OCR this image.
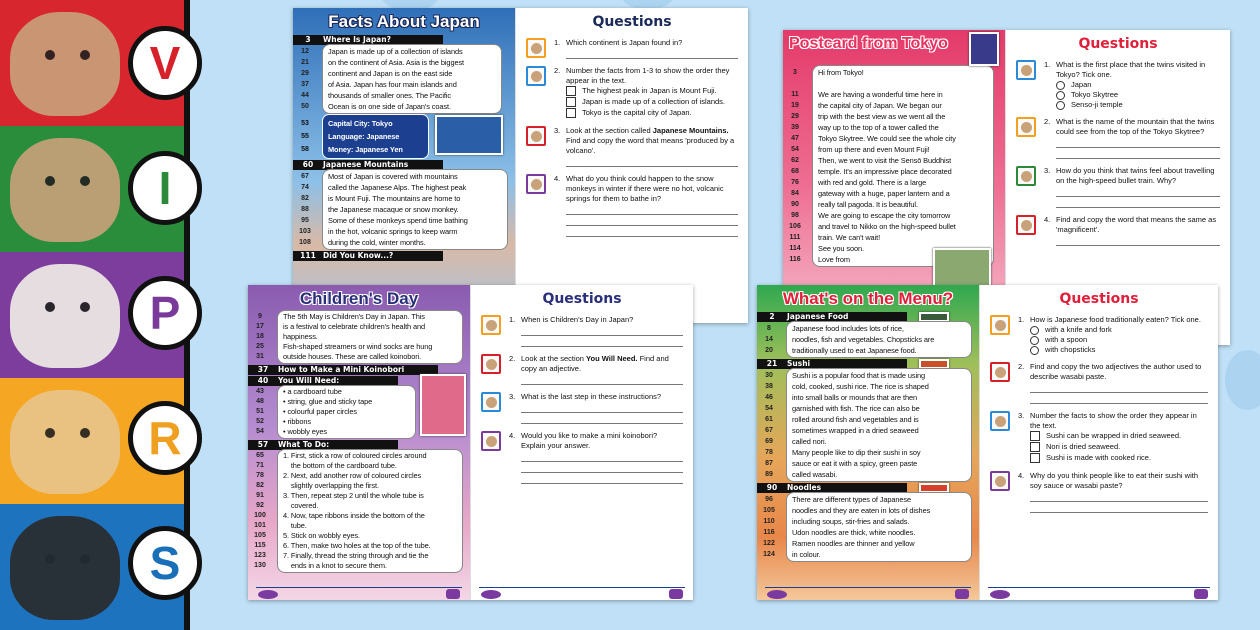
V
I
P
R
S
Facts About Japan
3	Where Is Japan?
12	Japan is made up of a collection of islands
21	on the continent of Asia. Asia is the biggest
29	continent and Japan is on the east side
37	of Asia. Japan has four main islands and
44	thousands of smaller ones. The Pacific
50	Ocean is on one side of Japan's coast.
53	Capital City: Tokyo
55	Language: Japanese
58	Money: Japanese Yen
60	Japanese Mountains
67	Most of Japan is covered with mountains
74	called the Japanese Alps. The highest peak
82	is Mount Fuji. The mountains are home to
88	the Japanese macaque or snow monkey.
95	Some of these monkeys spend time bathing
103	in the hot, volcanic springs to keep warm
108	during the cold, winter months.
111 Did You Know...?
Questions
1. Which continent is Japan found in?
2. Number the facts from 1-3 to show the order they appear in the text.
The highest peak in Japan is Mount Fuji.
Japan is made up of a collection of islands.
Tokyo is the capital city of Japan.
3. Look at the section called Japanese Mountains. Find and copy the word that means 'produced by a volcano'.
4. What do you think could happen to the snow monkeys in winter if there were no hot, volcanic springs for them to bathe in?
Postcard from Tokyo
3	Hi from Tokyo!
11	We are having a wonderful time here in
19	the capital city of Japan. We began our
29	trip with the best view as we went all the
39	way up to the top of a tower called the
47	Tokyo Skytree. We could see the whole city
54	from up there and even Mount Fuji!
62	Then, we went to visit the Sensō Buddhist
68	temple. It's an impressive place decorated
76	with red and gold. There is a large
84	gateway with a huge, paper lantern and a
90	really tall pagoda. It is beautiful.
98	We are going to escape the city tomorrow
106	and travel to Nikko on the high-speed bullet
111	train. We can't wait!
114	See you soon.
116	Love from
Questions
1. What is the first place that the twins visited in Tokyo? Tick one.
Japan
Tokyo Skytree
Senso-ji temple
2. What is the name of the mountain that the twins could see from the top of the Tokyo Skytree?
3. How do you think that twins feel about travelling on the high-speed bullet train. Why?
4. Find and copy the word that means the same as 'magnificent'.
Children's Day
9	The 5th May is Children's Day in Japan. This
17	is a festival to celebrate children's health and
18	happiness.
25	Fish-shaped streamers or wind socks are hung
31	outside houses. These are called koinobori.
37	How to Make a Mini Koinobori
40	You Will Need:
43	• a cardboard tube
48	• string, glue and sticky tape
51	• colourful paper circles
52	• ribbons
54	• wobbly eyes
57	What To Do:
65	1. First, stick a row of coloured circles around
71	the bottom of the cardboard tube.
78	2. Next, add another row of coloured circles
82	slightly overlapping the first.
91	3. Then, repeat step 2 until the whole tube is
92	covered.
100	4. Now, tape ribbons inside the bottom of the
101	tube.
105	5. Stick on wobbly eyes.
115	6. Then, make two holes at the top of the tube.
123	7. Finally, thread the string through and tie the
130	ends in a knot to secure them.
Questions
1. When is Children's Day in Japan?
2. Look at the section You Will Need. Find and copy an adjective.
3. What is the last step in these instructions?
4. Would you like to make a mini koinobori? Explain your answer.
What's on the Menu?
2	Japanese Food
8	Japanese food includes lots of rice,
14	noodles, fish and vegetables. Chopsticks are
20	traditionally used to eat Japanese food.
21	Sushi
30	Sushi is a popular food that is made using
38	cold, cooked, sushi rice. The rice is shaped
46	into small balls or mounds that are then
54	garnished with fish. The rice can also be
61	rolled around fish and vegetables and is
67	sometimes wrapped in a dried seaweed
69	called nori.
78	Many people like to dip their sushi in soy
87	sauce or eat it with a spicy, green paste
89	called wasabi.
90	Noodles
96	There are different types of Japanese
105	noodles and they are eaten in lots of dishes
110	including soups, stir-fries and salads.
116	Udon noodles are thick, white noodles.
122	Ramen noodles are thinner and yellow
124	in colour.
Questions
1. How is Japanese food traditionally eaten? Tick one.
with a knife and fork
with a spoon
with chopsticks
2. Find and copy the two adjectives the author used to describe wasabi paste.
3. Number the facts to show the order they appear in the text.
Sushi can be wrapped in dried seaweed.
Nori is dried seaweed.
Sushi is made with cooked rice.
4. Why do you think people like to eat their sushi with soy sauce or wasabi paste?
